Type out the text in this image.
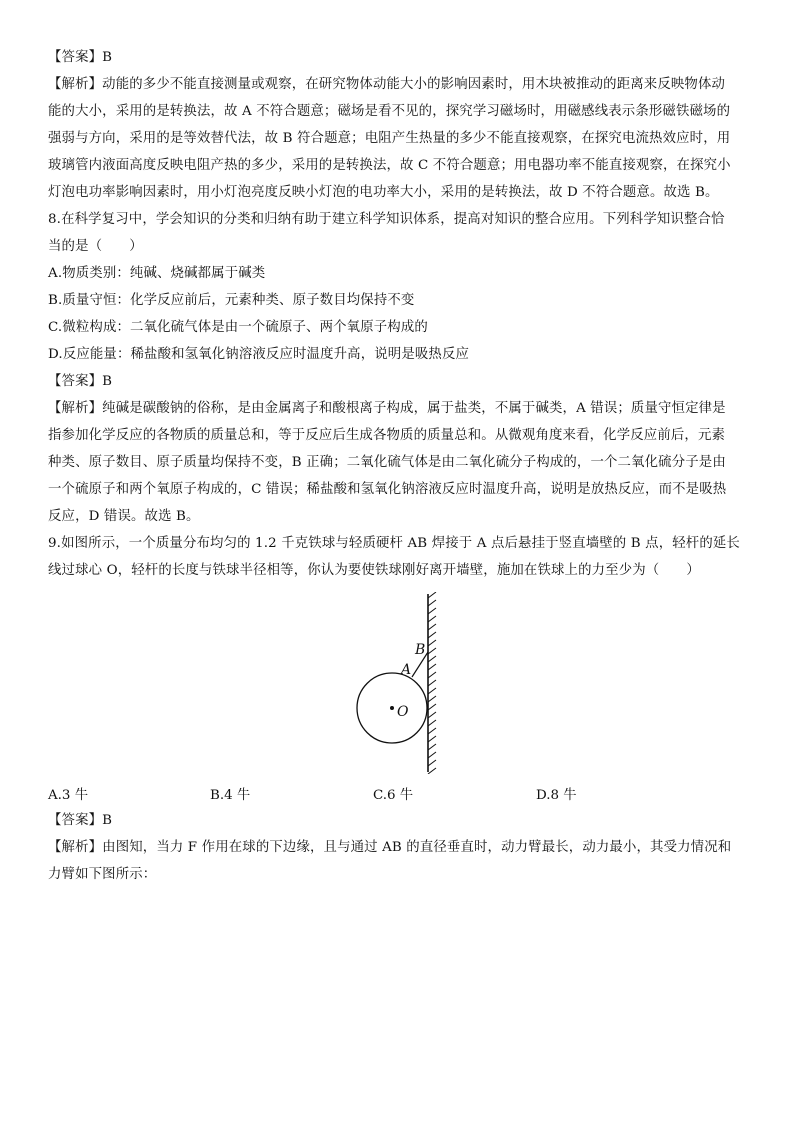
【答案】B
【解析】动能的多少不能直接测量或观察，在研究物体动能大小的影响因素时，用木块被推动的距离来反映物体动
能的大小，采用的是转换法，故 A 不符合题意；磁场是看不见的，探究学习磁场时，用磁感线表示条形磁铁磁场的
强弱与方向，采用的是等效替代法，故 B 符合题意；电阻产生热量的多少不能直接观察，在探究电流热效应时，用
玻璃管内液面高度反映电阻产热的多少，采用的是转换法，故 C 不符合题意；用电器功率不能直接观察，在探究小
灯泡电功率影响因素时，用小灯泡亮度反映小灯泡的电功率大小，采用的是转换法，故 D 不符合题意。故选 B。
8.在科学复习中，学会知识的分类和归纳有助于建立科学知识体系，提高对知识的整合应用。下列科学知识整合恰
当的是（　　）
A.物质类别：纯碱、烧碱都属于碱类
B.质量守恒：化学反应前后，元素种类、原子数目均保持不变
C.微粒构成：二氧化硫气体是由一个硫原子、两个氧原子构成的
D.反应能量：稀盐酸和氢氧化钠溶液反应时温度升高，说明是吸热反应
【答案】B
【解析】纯碱是碳酸钠的俗称，是由金属离子和酸根离子构成，属于盐类，不属于碱类，A 错误；质量守恒定律是
指参加化学反应的各物质的质量总和，等于反应后生成各物质的质量总和。从微观角度来看，化学反应前后，元素
种类、原子数目、原子质量均保持不变，B 正确；二氧化硫气体是由二氧化硫分子构成的，一个二氧化硫分子是由
一个硫原子和两个氧原子构成的，C 错误；稀盐酸和氢氧化钠溶液反应时温度升高，说明是放热反应，而不是吸热
反应，D 错误。故选 B。
9.如图所示，一个质量分布均匀的 1.2 千克铁球与轻质硬杆 AB 焊接于 A 点后悬挂于竖直墙壁的 B 点，轻杆的延长
线过球心 O，轻杆的长度与铁球半径相等，你认为要使铁球刚好离开墙壁，施加在铁球上的力至少为（　　）
B
A
O
A.3 牛	B.4 牛	C.6 牛	D.8 牛
【答案】B
【解析】由图知，当力 F 作用在球的下边缘，且与通过 AB 的直径垂直时，动力臂最长，动力最小，其受力情况和
力臂如下图所示：
